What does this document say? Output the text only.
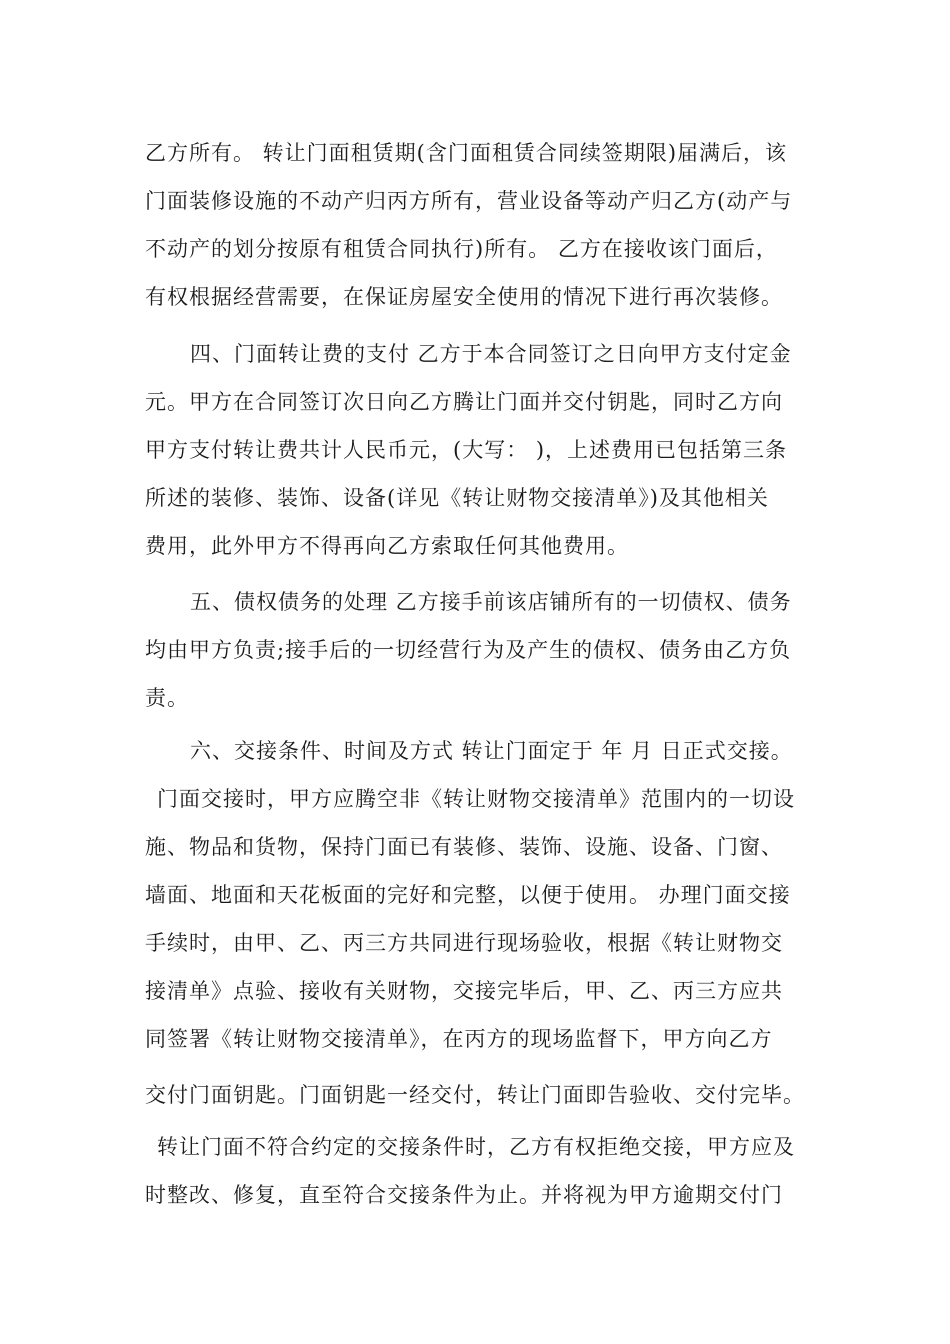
乙方所有。 转让门面租赁期(含门面租赁合同续签期限)届满后，该

门面装修设施的不动产归丙方所有，营业设备等动产归乙方(动产与

不动产的划分按原有租赁合同执行)所有。 乙方在接收该门面后，

有权根据经营需要，在保证房屋安全使用的情况下进行再次装修。

四、门面转让费的支付 乙方于本合同签订之日向甲方支付定金

元。甲方在合同签订次日向乙方腾让门面并交付钥匙，同时乙方向

甲方支付转让费共计人民币元，(大写： )，上述费用已包括第三条

所述的装修、装饰、设备(详见《转让财物交接清单》)及其他相关

费用，此外甲方不得再向乙方索取任何其他费用。

五、债权债务的处理 乙方接手前该店铺所有的一切债权、债务

均由甲方负责;接手后的一切经营行为及产生的债权、债务由乙方负

责。

六、交接条件、时间及方式 转让门面定于 年 月 日正式交接。

门面交接时，甲方应腾空非《转让财物交接清单》范围内的一切设

施、物品和货物，保持门面已有装修、装饰、设施、设备、门窗、

墙面、地面和天花板面的完好和完整，以便于使用。 办理门面交接

手续时，由甲、乙、丙三方共同进行现场验收，根据《转让财物交

接清单》点验、接收有关财物，交接完毕后，甲、乙、丙三方应共

同签署《转让财物交接清单》，在丙方的现场监督下，甲方向乙方

交付门面钥匙。门面钥匙一经交付，转让门面即告验收、交付完毕。

转让门面不符合约定的交接条件时，乙方有权拒绝交接，甲方应及

时整改、修复，直至符合交接条件为止。并将视为甲方逾期交付门
